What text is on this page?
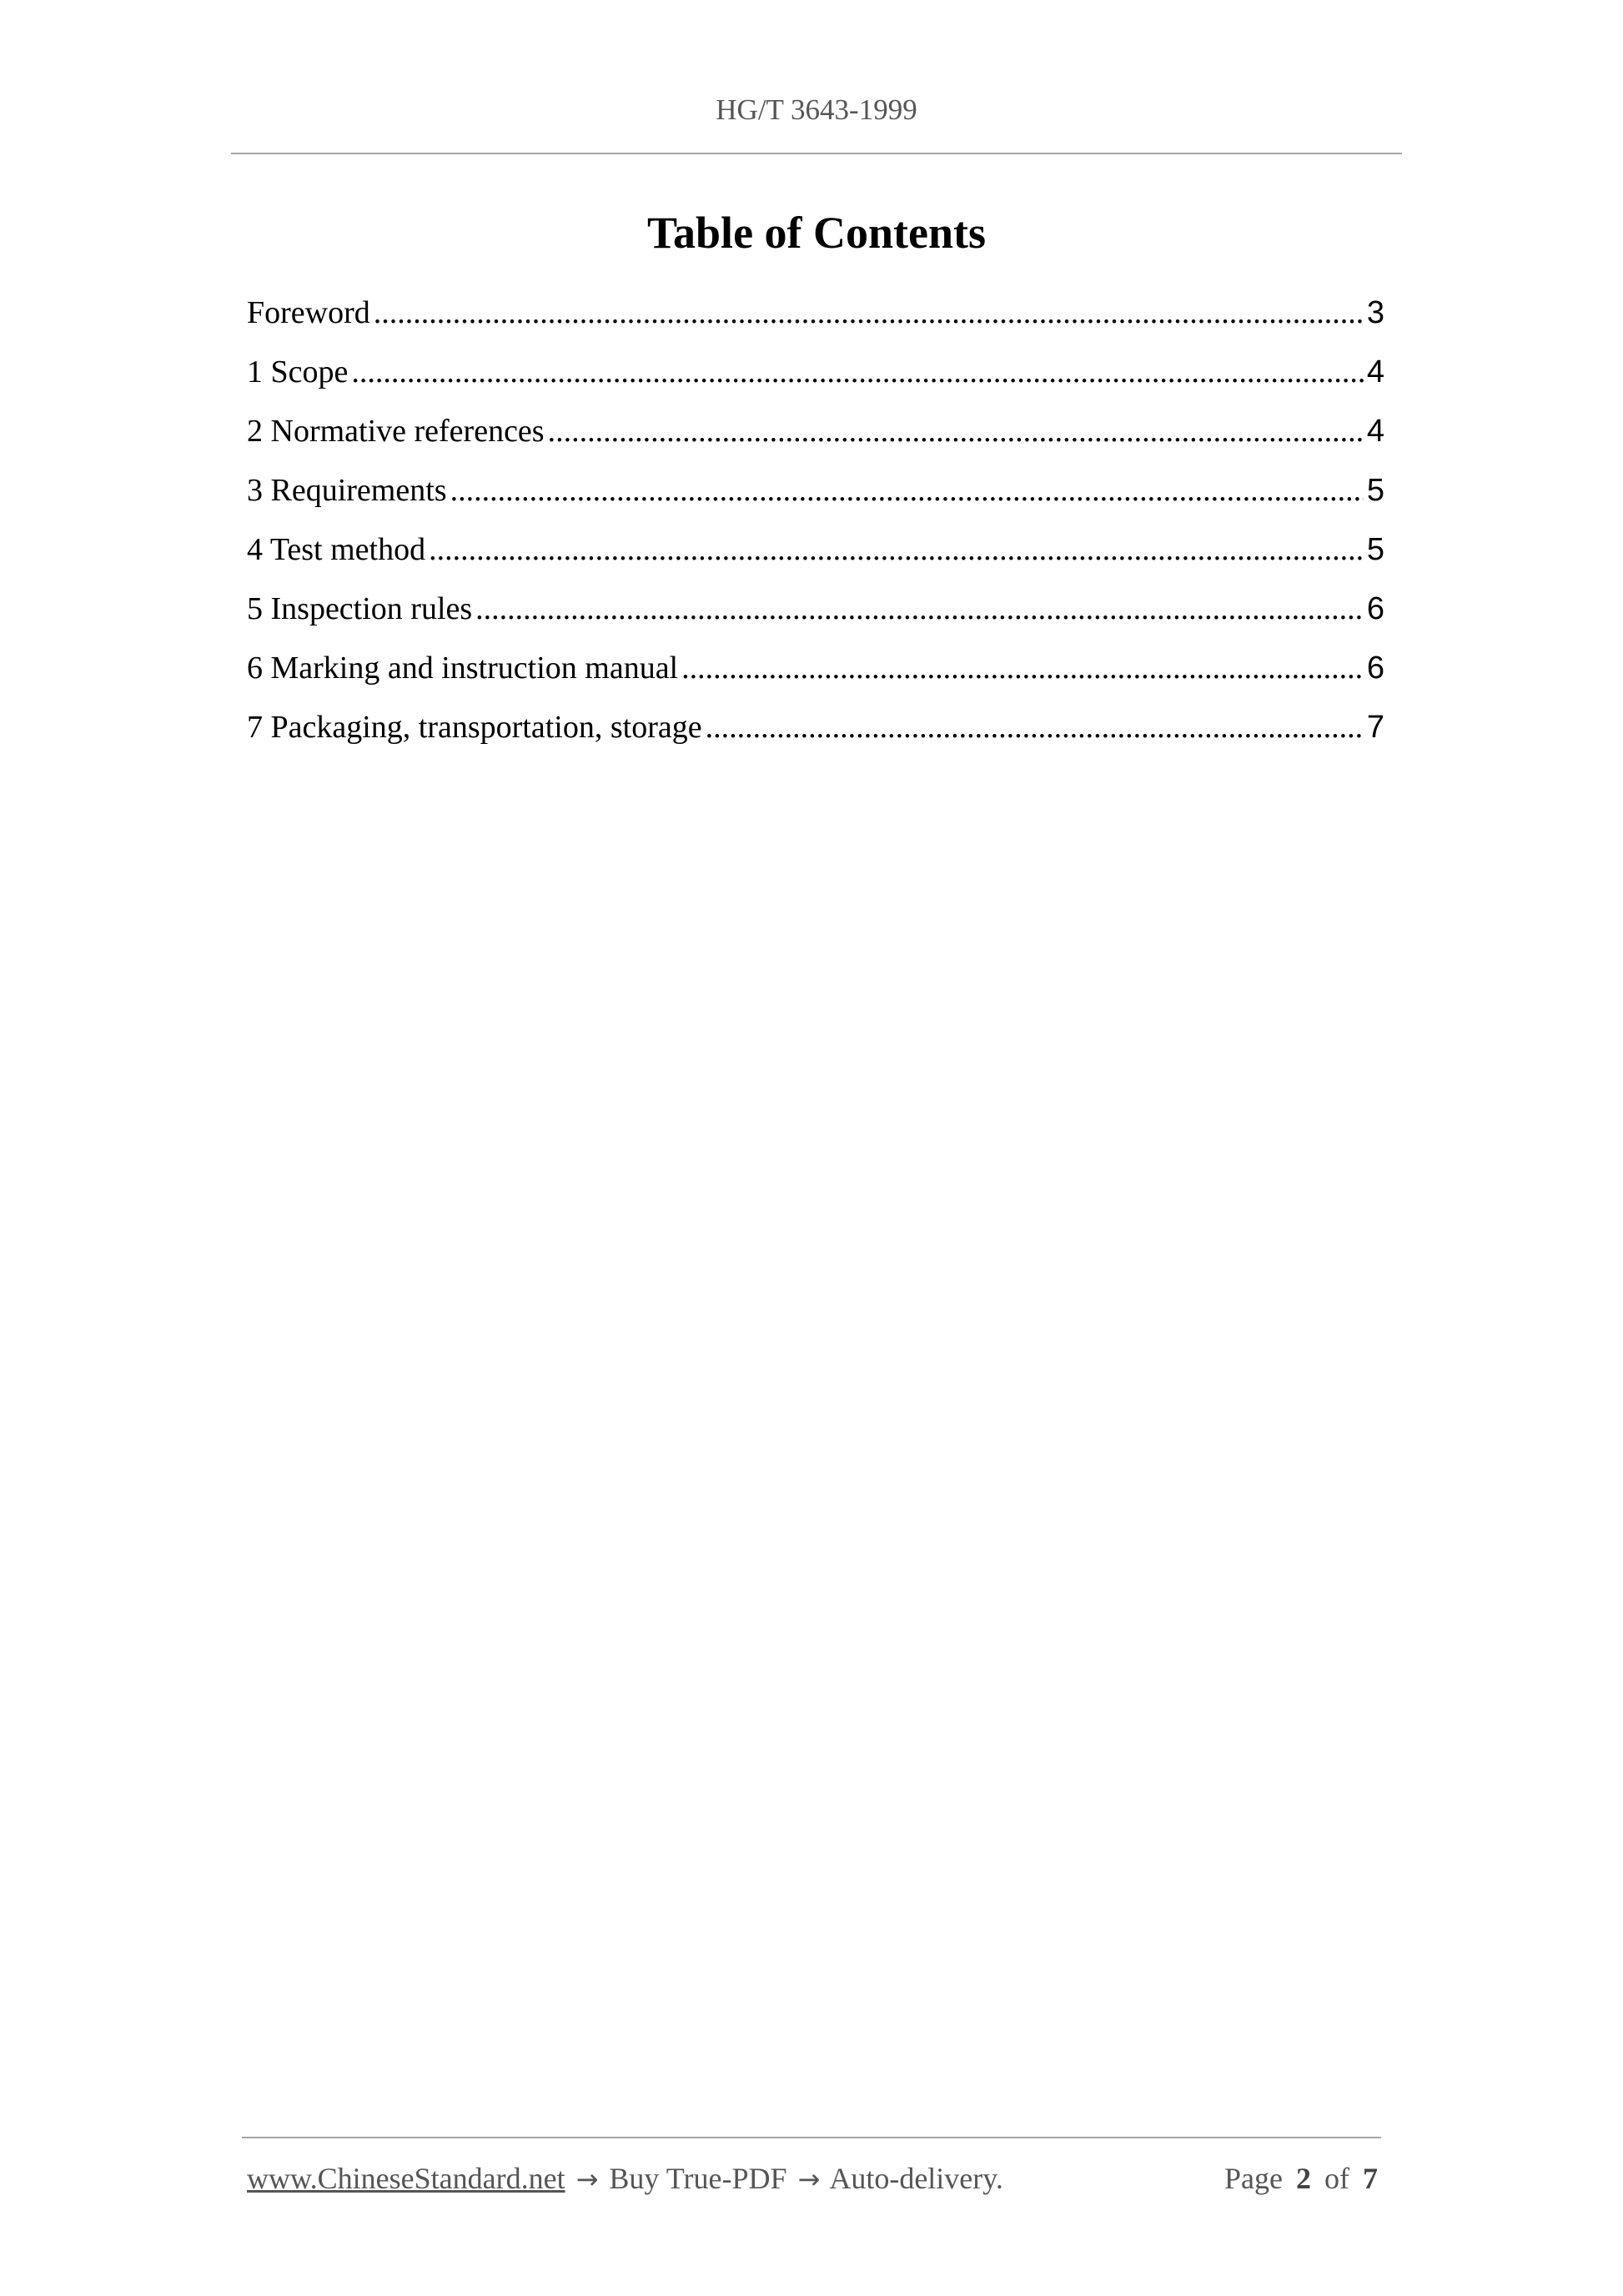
HG/T 3643-1999
Table of Contents
Foreword .....	3
1 Scope .....	4
2 Normative references .....	4
3 Requirements .....	5
4 Test method .....	5
5 Inspection rules .....	6
6 Marking and instruction manual .....	6
7 Packaging, transportation, storage .....	7
www.ChineseStandard.net → Buy True-PDF → Auto-delivery.	Page 2 of 7
